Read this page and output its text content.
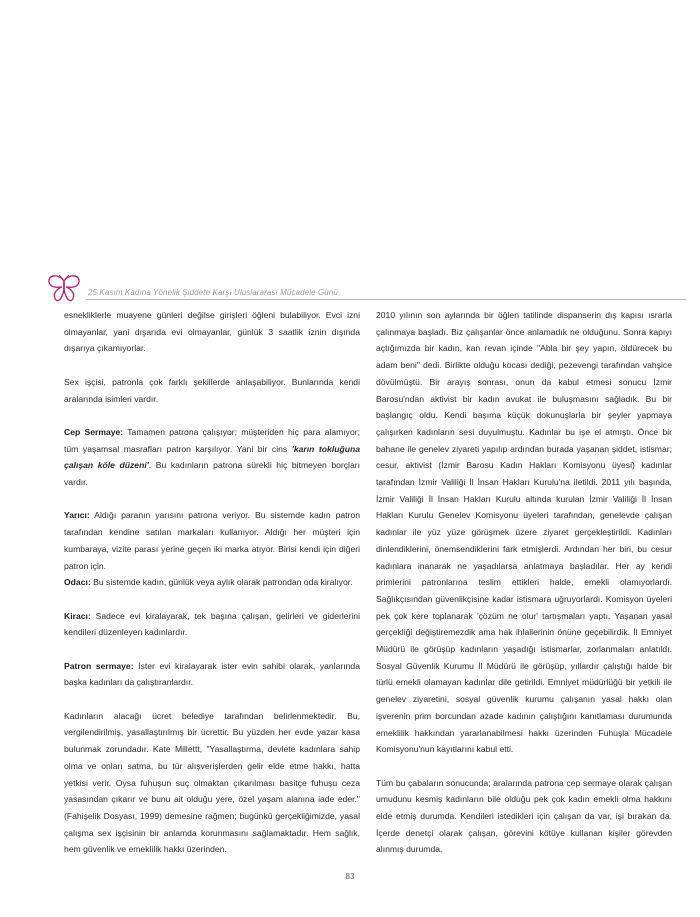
25 Kasım Kadına Yönelik Şiddete Karşı Uluslararası Mücadele Günü

esnekliklerle muayene günleri değilse girişleri öğleni bulabiliyor. Evci izni olmayanlar, yani dışarıda evi olmayanlar, günlük 3 saatlik iznin dışında dışarıya çıkamıyorlar.

Sex işçisi, patronla çok farklı şekillerde anlaşabiliyor. Bunlarında kendi aralarında isimleri vardır.

Cep Sermaye: Tamamen patrona çalışıyor; müşteriden hiç para alamıyor; tüm yaşamsal masrafları patron karşılıyor. Yani bir cins 'karın tokluğuna çalışan köle düzeni'. Bu kadınların patrona sürekli hiç bitmeyen borçları vardır.

Yarıcı: Aldığı paranın yarısını patrona veriyor. Bu sistemde kadın patron tarafından kendine satılan markaları kullanıyor. Aldığı her müşteri için kumbaraya, vizite parası yerine geçen iki marka atıyor. Birisi kendi için diğeri patron için.

Odacı: Bu sistemde kadın, günlük veya aylık olarak patrondan oda kiralıyor.

Kiracı: Sadece evi kiralayarak, tek başına çalışan, gelirleri ve giderlerini kendileri düzenleyen kadınlardır.

Patron sermaye: İster evi kiralayarak ister evin sahibi olarak, yanlarında başka kadınları da çalıştıranlardır.

Kadınların alacağı ücret belediye tarafından belirlenmektedir. Bu, vergilendirilmiş, yasallaştırılmış bir ücrettir. Bu yüzden her evde yazar kasa bulunmak zorundadır. Kate Millettt, "Yasallaştırma, devlete kadınlara sahip olma ve onları satma, bu tür alışverişlerden gelir elde etme hakkı, hatta yetkisi verir. Oysa fuhuşun suç olmaktan çıkarılması basitçe fuhuşu ceza yasasından çıkarır ve bunu ait olduğu yere, özel yaşam alanına iade eder." (Fahişelik Dosyası, 1999) demesine rağmen; bugünkü gerçekliğimizde, yasal çalışma sex işçisinin bir anlamda korunmasını sağlamaktadır. Hem sağlık, hem güvenlik ve emeklilik hakkı üzerinden.

2010 yılının son aylarında bir öğlen tatilinde dispanserin dış kapısı ısrarla çalınmaya başladı. Biz çalışanlar önce anlamadık ne olduğunu. Sonra kapıyı açtığımızda bir kadın, kan revan içinde "Abla bir şey yapın, öldürecek bu adam beni" dedi. Birlikte olduğu kocası dediği, pezevengi tarafından vahşice dövülmüştü. Bir arayış sonrası, onun da kabul etmesi sonucu İzmir Barosu'ndan aktivist bir kadın avukat ile buluşmasını sağladık. Bu bir başlangıç oldu. Kendi başıma küçük dokunuşlarla bir şeyler yapmaya çalışırken kadınların sesi duyulmuştu. Kadınlar bu işe el atmıştı. Önce bir bahane ile genelev ziyareti yapılıp ardından burada yaşanan şiddet, istismar; cesur, aktivist (İzmir Barosu Kadın Hakları Komisyonu üyesi) kadınlar tarafından İzmir Valiliği İl İnsan Hakları Kurulu'na iletildi. 2011 yılı başında, İzmir Valiliği İl İnsan Hakları Kurulu altında kurulan İzmir Valiliği İl İnsan Hakları Kurulu Genelev Komisyonu üyeleri tarafından, genelevde çalışan kadınlar ile yüz yüze görüşmek üzere ziyaret gerçekleştirildi. Kadınları dinlendiklerini, önemsendiklerini fark etmişlerdi. Ardından her biri, bu cesur kadınlara inanarak ne yaşadılarsa anlatmaya başladılar. Her ay kendi primlerini patronlarına teslim ettikleri halde, emekli olamıyorlardı. Sağlıkçısından güvenlikçisine kadar istismara uğruyorlardı. Komisyon üyeleri pek çok kere toplanarak 'çözüm ne olur' tartışmaları yaptı. Yaşanan yasal gerçekliği değiştiremezdik ama hak ihlallerinin önüne geçebilirdik. İl Emniyet Müdürü ile görüşüp kadınların yaşadığı istismarlar, zorlanmaları anlatıldı. Sosyal Güvenlik Kurumu İl Müdürü ile görüşüp, yıllardır çalıştığı halde bir türlü emekli olamayan kadınlar dile getirildi. Emniyet müdürlüğü bir yetkili ile genelev ziyaretini, sosyal güvenlik kurumu çalışanın yasal hakkı olan işverenin prim borcundan azade kadının çalıştığını kanıtlaması durumunda emeklilik hakkından yararlanabilmesi hakkı üzerinden Fuhuşla Mücadele Komisyonu'nun kayıtlarını kabul etti.

Tüm bu çabaların sonucunda; aralarında patrona cep sermaye olarak çalışan umudunu kesmiş kadınların bile olduğu pek çok kadın emekli olma hakkını elde etmiş durumda. Kendileri istedikleri için çalışan da var, işi bırakan da. İçerde denetçi olarak çalışan, görevini kötüye kullanan kişiler görevden alınmış durumda.

83
